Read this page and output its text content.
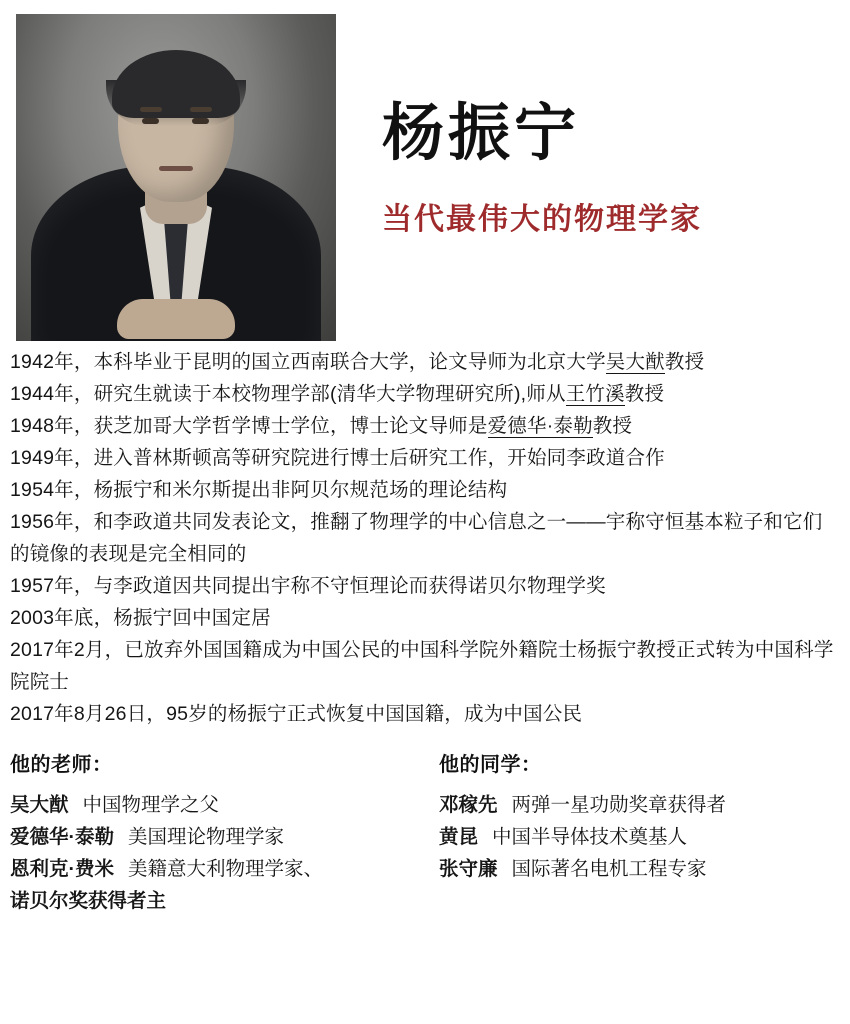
杨振宁
当代最伟大的物理学家
1942年，本科毕业于昆明的国立西南联合大学，论文导师为北京大学吴大猷教授
1944年，研究生就读于本校物理学部(清华大学物理研究所),师从王竹溪教授
1948年，获芝加哥大学哲学博士学位，博士论文导师是爱德华·泰勒教授
1949年，进入普林斯顿高等研究院进行博士后研究工作，开始同李政道合作
1954年，杨振宁和米尔斯提出非阿贝尔规范场的理论结构
1956年，和李政道共同发表论文，推翻了物理学的中心信息之一——宇称守恒基本粒子和它们的镜像的表现是完全相同的
1957年，与李政道因共同提出宇称不守恒理论而获得诺贝尔物理学奖
2003年底，杨振宁回中国定居
2017年2月，已放弃外国国籍成为中国公民的中国科学院外籍院士杨振宁教授正式转为中国科学院院士
2017年8月26日，95岁的杨振宁正式恢复中国国籍，成为中国公民
他的老师：
吴大猷 中国物理学之父
爱德华·泰勒 美国理论物理学家
恩利克·费米 美籍意大利物理学家、
诺贝尔奖获得者主
他的同学：
邓稼先 两弹一星功勋奖章获得者
黄昆 中国半导体技术奠基人
张守廉 国际著名电机工程专家
